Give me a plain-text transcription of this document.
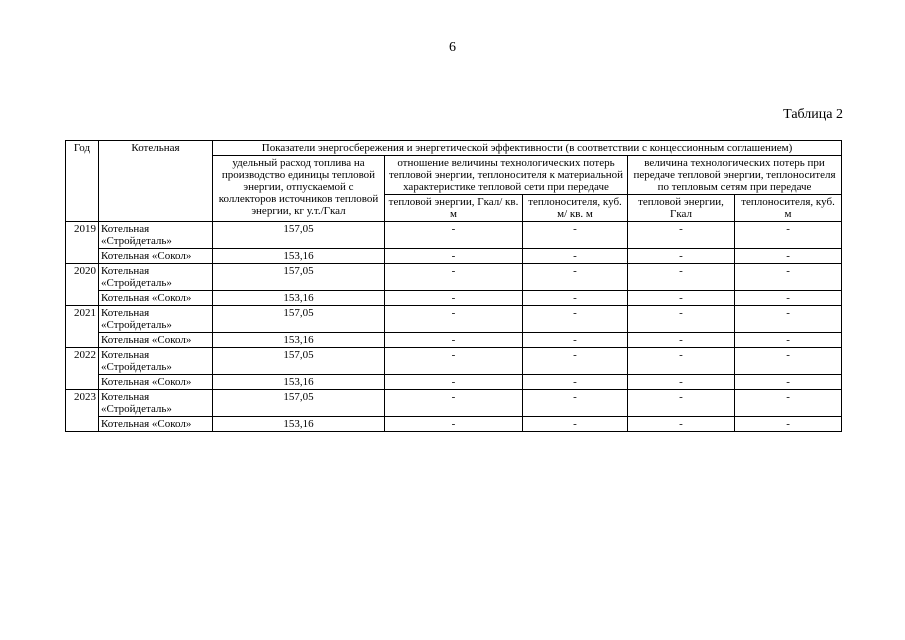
6
Таблица 2
Год	Котельная	Показатели энергосбережения и энергетической эффективности (в соответствии с концессионным соглашением)				
		удельный расход топлива на производство единицы тепловой энергии, отпускаемой с коллекторов источников тепловой энергии, кг у.т./Гкал	отношение величины технологических потерь тепловой энергии, теплоносителя к материальной характеристике тепловой сети при передаче		величина технологических потерь при передаче тепловой энергии, теплоносителя по тепловым сетям при передаче	
			тепловой энергии, Гкал/ кв. м	теплоносителя, куб. м/ кв. м	тепловой энергии, Гкал	теплоносителя, куб. м
2019	Котельная «Стройдеталь»	157,05	-	-	-	-
	Котельная «Сокол»	153,16	-	-	-	-
2020	Котельная «Стройдеталь»	157,05	-	-	-	-
	Котельная «Сокол»	153,16	-	-	-	-
2021	Котельная «Стройдеталь»	157,05	-	-	-	-
	Котельная «Сокол»	153,16	-	-	-	-
2022	Котельная «Стройдеталь»	157,05	-	-	-	-
	Котельная «Сокол»	153,16	-	-	-	-
2023	Котельная «Стройдеталь»	157,05	-	-	-	-
	Котельная «Сокол»	153,16	-	-	-	-
